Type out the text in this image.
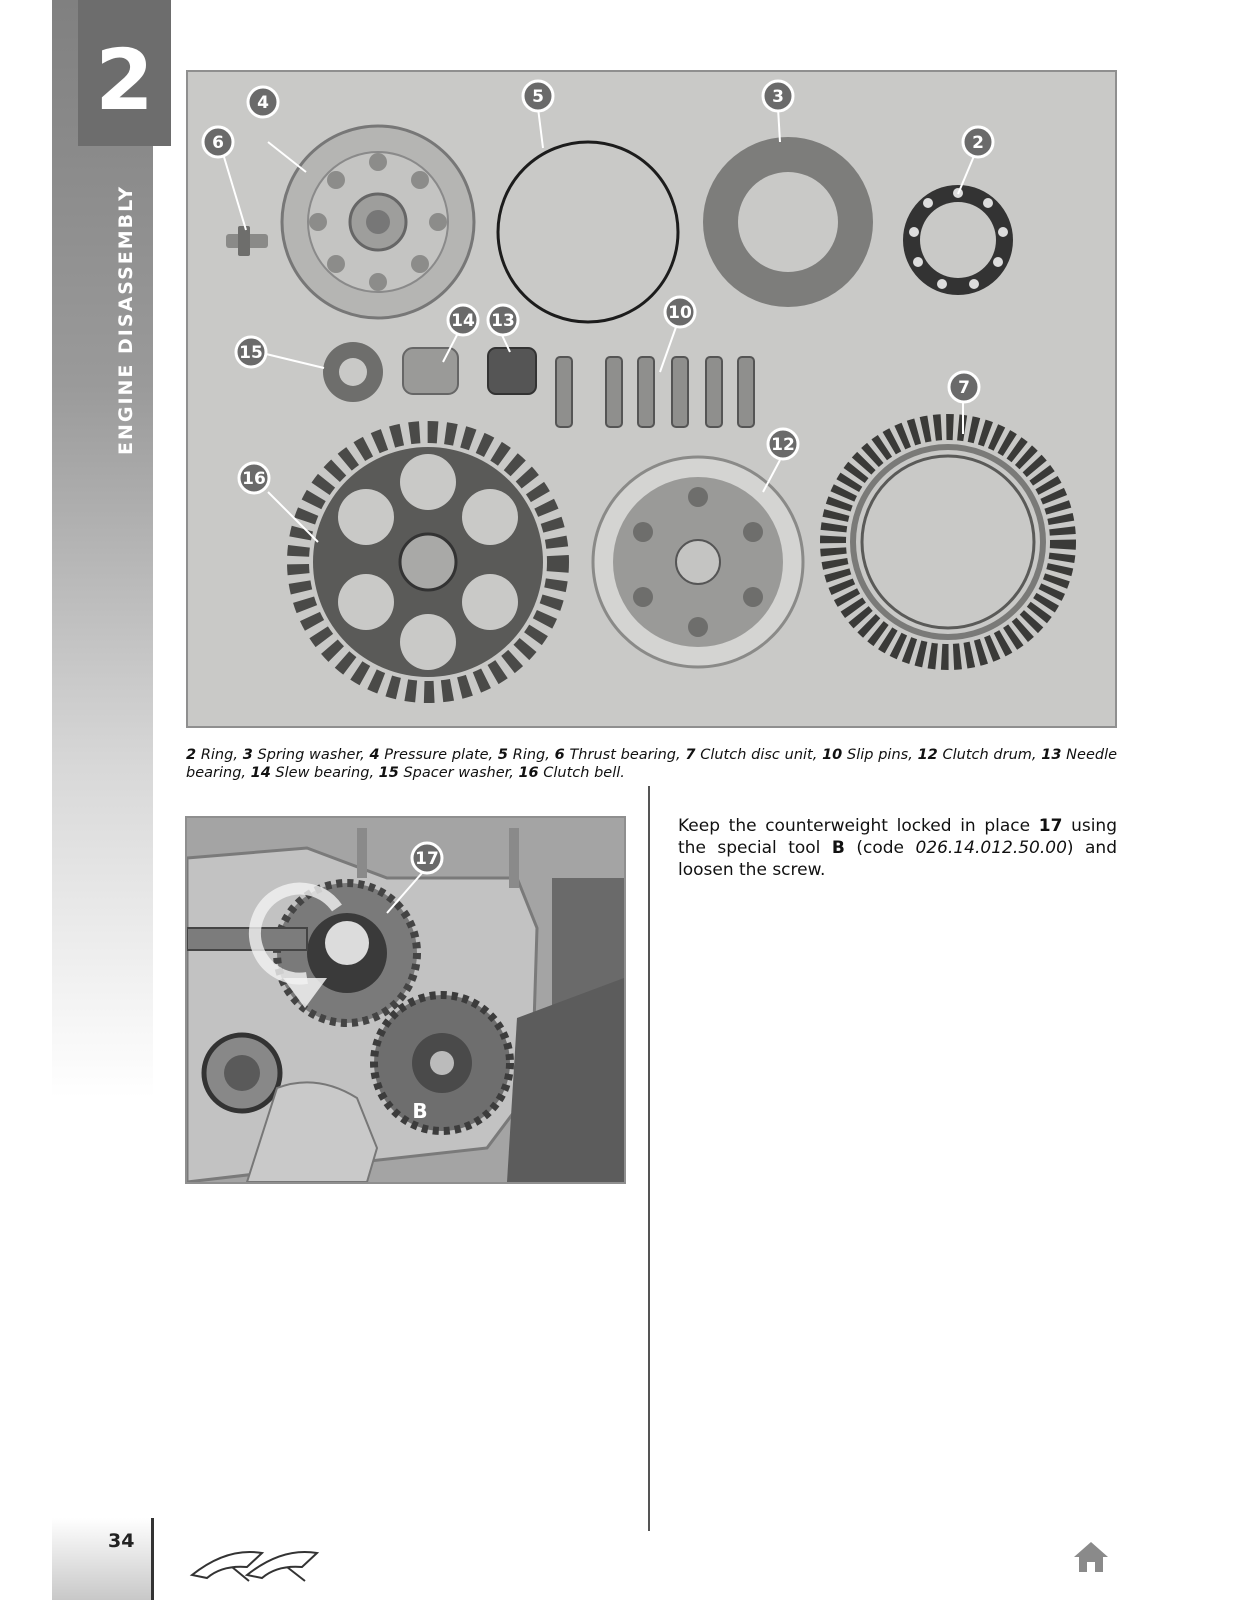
2
ENGINE DISASSEMBLY
4
6
5	3
2
14 13	10
15
7
12
16
2 Ring, 3 Spring washer, 4 Pressure plate, 5 Ring, 6 Thrust bearing, 7 Clutch disc unit, 10 Slip pins, 12 Clutch drum, 13 Needle bearing, 14 Slew bearing, 15 Spacer washer, 16 Clutch bell.
17
B
Keep the counterweight locked in place 17 using the special tool B (code 026.14.012.50.00) and loosen the screw.
34
